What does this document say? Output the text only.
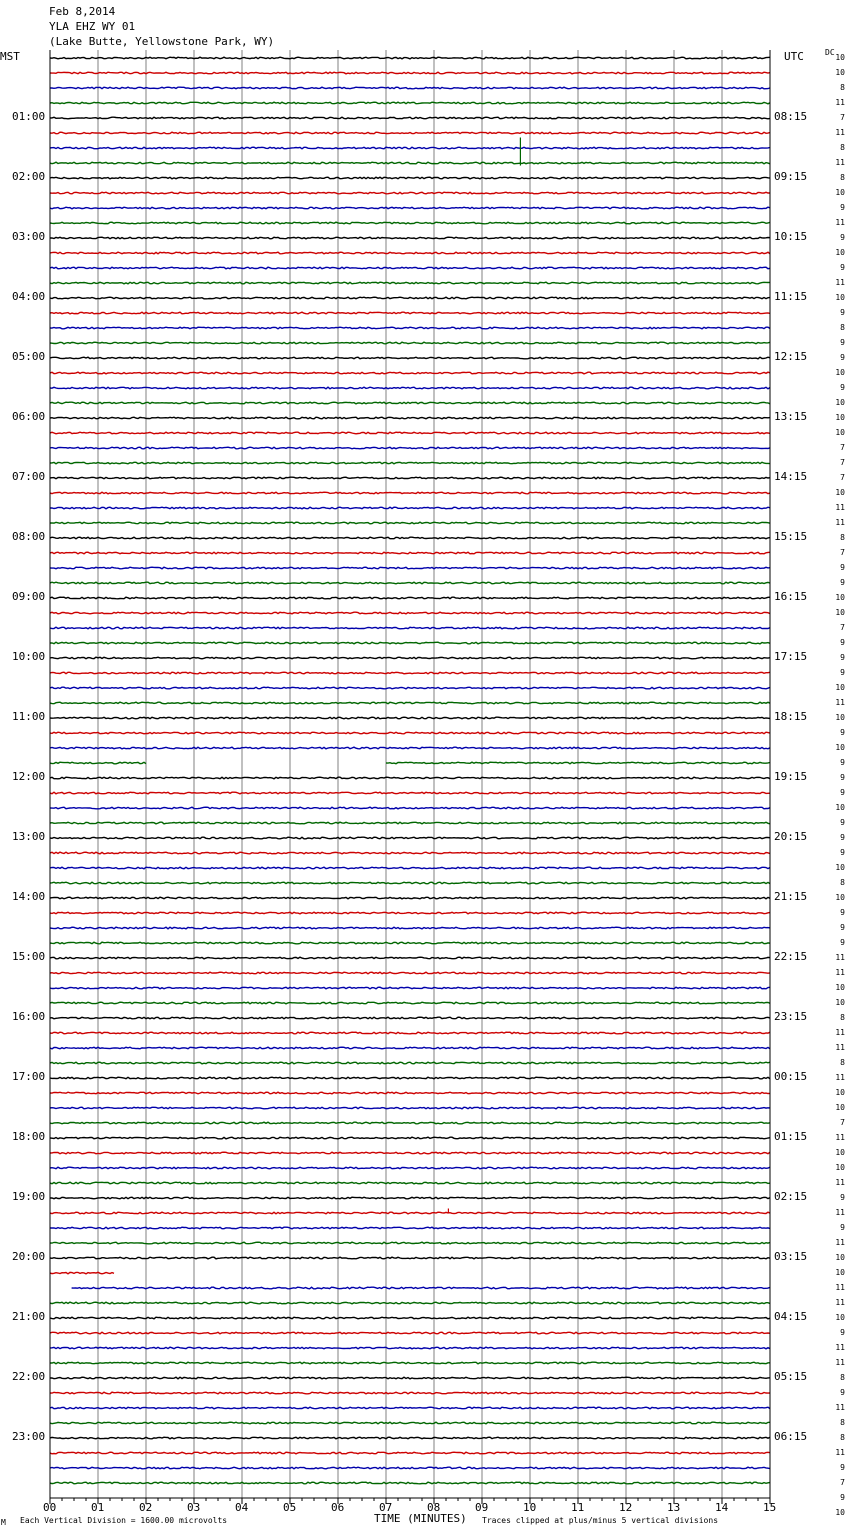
Feb 8,2014
YLA EHZ WY 01
(Lake Butte, Yellowstone Park, WY)
MST	UTC	DC
01:00
02:00
03:00
04:00
05:00
06:00
07:00
08:00
09:00
10:00
11:00
12:00
13:00
14:00
15:00
16:00
17:00
18:00
19:00
20:00
21:00
22:00
23:00
08:15
09:15
10:15
11:15
12:15
13:15
14:15
15:15
16:15
17:15
18:15
19:15
20:15
21:15
22:15
23:15
00:15
01:15
02:15
03:15
04:15
05:15
06:15
10
10
8
11
7
11
8
11
8
10
9
11
9
10
9
11
10
9
8
9
9
10
9
10
10
10
7
7
7
10
11
11
8
7
9
9
10
10
7
9
9
9
10
11
10
9
10
9
9
9
10
9
9
9
10
8
10
9
9
9
11
11
10
10
8
11
11
8
11
10
10
7
11
10
10
11
9
11
9
11
10
10
11
11
10
9
11
11
8
9
11
8
8
11
9
7
9
10
00	01	02	03	04	05	06	07	08	09	10	11	12	13	14	15
M Each Vertical Division = 1600.00 microvolts	TIME (MINUTES) Traces clipped at plus/minus 5 vertical divisions
